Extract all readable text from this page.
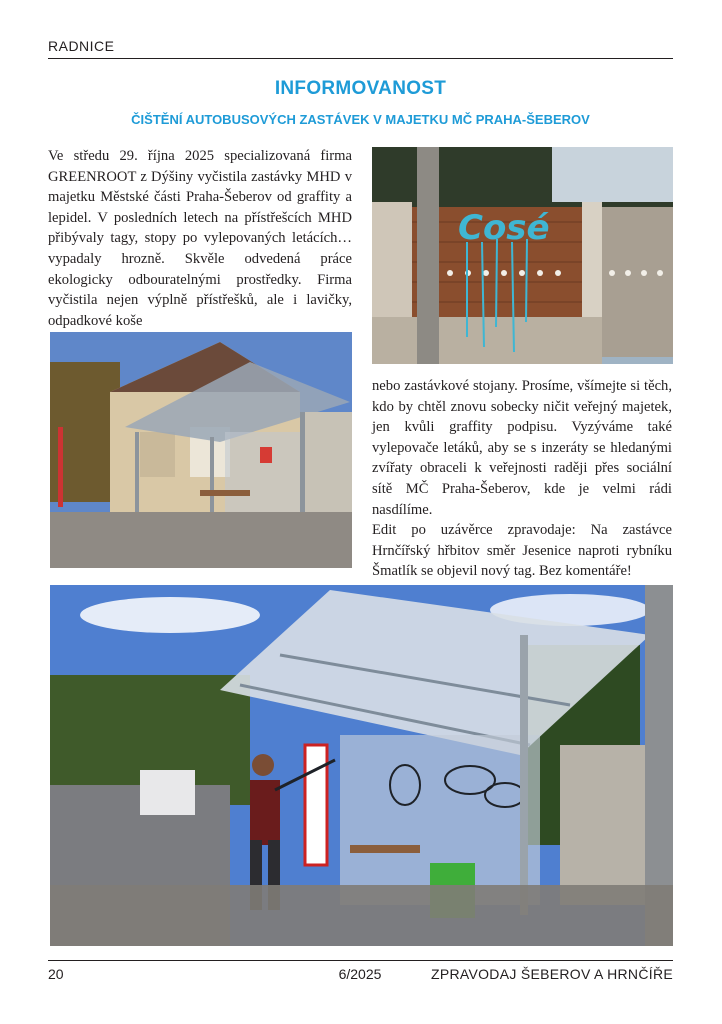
RADNICE
INFORMOVANOST
ČIŠTĚNÍ AUTOBUSOVÝCH ZASTÁVEK V MAJETKU MČ PRAHA-ŠEBEROV

Ve středu 29. října 2025 specializovaná firma GREENROOT z Dýšiny vyčistila zastávky MHD v majetku Městské části Praha-Šeberov od graffity a lepidel. V posledních letech na přístřešcích MHD přibývaly tagy, stopy po vylepovaných letácích… vypadaly hrozně. Skvěle odvedená práce ekologicky odbouratelnými prostředky. Firma vyčistila nejen výplně přístřešků, ale i lavičky, odpadkové koše

Cosé

nebo zastávkové stojany. Prosíme, všímejte si těch, kdo by chtěl znovu sobecky ničit veřejný majetek, jen kvůli graffity podpisu. Vyzýváme také vylepovače letáků, aby se s inzeráty se hledanými zvířaty obraceli k veřejnosti raději přes sociální sítě MČ Praha-Šeberov, kde je velmi rádi nasdílíme.

Edit po uzávěrce zpravodaje: Na zastávce Hrnčířský hřbitov směr Jesenice naproti rybníku Šmatlík se objevil nový tag. Bez komentáře!

20	6/2025	ZPRAVODAJ ŠEBEROV A HRNČÍŘE
